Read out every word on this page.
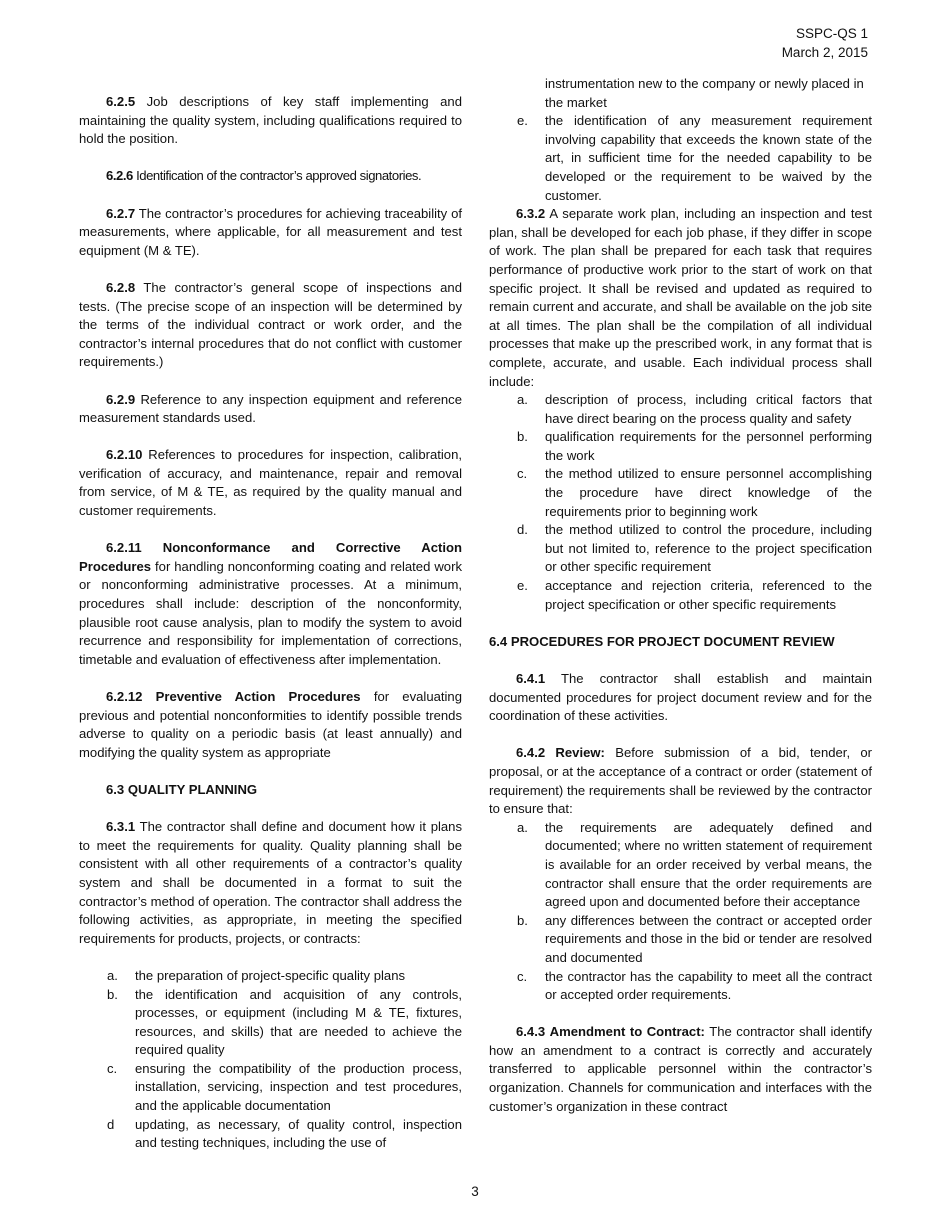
SSPC-QS 1
March 2, 2015

6.2.5 Job descriptions of key staff implementing and maintaining the quality system, including qualifications required to hold the position.

6.2.6 Identification of the contractor’s approved signatories.

6.2.7 The contractor’s procedures for achieving traceability of measurements, where applicable, for all measurement and test equipment (M & TE).

6.2.8 The contractor’s general scope of inspections and tests. (The precise scope of an inspection will be determined by the terms of the individual contract or work order, and the contractor’s internal procedures that do not conflict with customer requirements.)

6.2.9 Reference to any inspection equipment and reference measurement standards used.

6.2.10 References to procedures for inspection, calibration, verification of accuracy, and maintenance, repair and removal from service, of M & TE, as required by the quality manual and customer requirements.

6.2.11 Nonconformance and Corrective Action Procedures for handling nonconforming coating and related work or nonconforming administrative processes. At a minimum, procedures shall include: description of the nonconformity, plausible root cause analysis, plan to modify the system to avoid recurrence and responsibility for implementation of corrections, timetable and evaluation of effectiveness after implementation.

6.2.12 Preventive Action Procedures for evaluating previous and potential nonconformities to identify possible trends adverse to quality on a periodic basis (at least annually) and modifying the quality system as appropriate

6.3 QUALITY PLANNING

6.3.1 The contractor shall define and document how it plans to meet the requirements for quality. Quality planning shall be consistent with all other requirements of a contractor’s quality system and shall be documented in a format to suit the contractor’s method of operation. The contractor shall address the following activities, as appropriate, in meeting the specified requirements for products, projects, or contracts:

a. the preparation of project-specific quality plans
b. the identification and acquisition of any controls, processes, or equipment (including M & TE, fixtures, resources, and skills) that are needed to achieve the required quality
c. ensuring the compatibility of the production process, installation, servicing, inspection and test procedures, and the applicable documentation
d updating, as necessary, of quality control, inspection and testing techniques, including the use of

instrumentation new to the company or newly placed in the market

e. the identification of any measurement requirement involving capability that exceeds the known state of the art, in sufficient time for the needed capability to be developed or the requirement to be waived by the customer.

6.3.2 A separate work plan, including an inspection and test plan, shall be developed for each job phase, if they differ in scope of work. The plan shall be prepared for each task that requires performance of productive work prior to the start of work on that specific project. It shall be revised and updated as required to remain current and accurate, and shall be available on the job site at all times. The plan shall be the compilation of all individual processes that make up the prescribed work, in any format that is complete, accurate, and usable. Each individual process shall include:

a. description of process, including critical factors that have direct bearing on the process quality and safety
b. qualification requirements for the personnel performing the work
c. the method utilized to ensure personnel accomplishing the procedure have direct knowledge of the requirements prior to beginning work
d. the method utilized to control the procedure, including but not limited to, reference to the project specification or other specific requirement
e. acceptance and rejection criteria, referenced to the project specification or other specific requirements

6.4 PROCEDURES FOR PROJECT DOCUMENT REVIEW

6.4.1 The contractor shall establish and maintain documented procedures for project document review and for the coordination of these activities.

6.4.2 Review: Before submission of a bid, tender, or proposal, or at the acceptance of a contract or order (statement of requirement) the requirements shall be reviewed by the contractor to ensure that:

a. the requirements are adequately defined and documented; where no written statement of requirement is available for an order received by verbal means, the contractor shall ensure that the order requirements are agreed upon and documented before their acceptance
b. any differences between the contract or accepted order requirements and those in the bid or tender are resolved and documented
c. the contractor has the capability to meet all the contract or accepted order requirements.

6.4.3 Amendment to Contract: The contractor shall identify how an amendment to a contract is correctly and accurately transferred to applicable personnel within the contractor’s organization. Channels for communication and interfaces with the customer’s organization in these contract

3
